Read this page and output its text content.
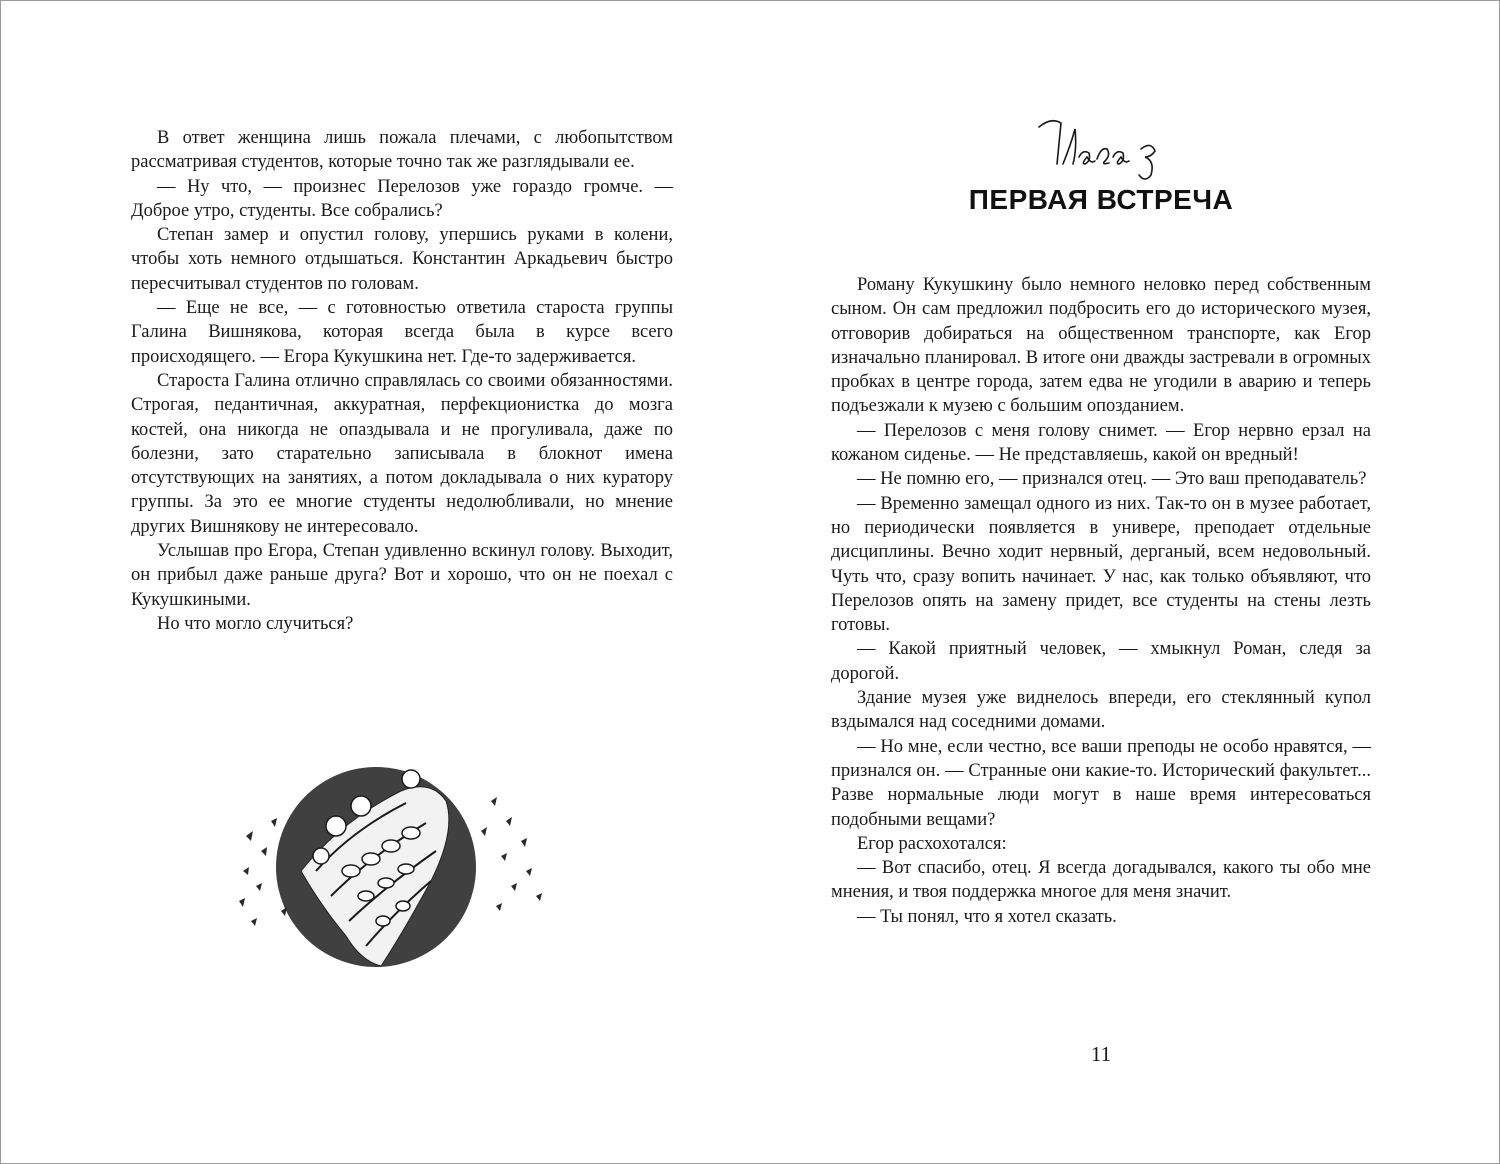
В ответ женщина лишь пожала плечами, с любопытством рассматривая студентов, которые точно так же разглядывали ее.

— Ну что, — произнес Перелозов уже гораздо громче. — Доброе утро, студенты. Все собрались?

Степан замер и опустил голову, упершись руками в колени, чтобы хоть немного отдышаться. Константин Аркадьевич быстро пересчитывал студентов по головам.

— Еще не все, — с готовностью ответила староста группы Галина Вишнякова, которая всегда была в курсе всего происходящего. — Егора Кукушкина нет. Где-то задерживается.

Староста Галина отлично справлялась со своими обязанностями. Строгая, педантичная, аккуратная, перфекционистка до мозга костей, она никогда не опаздывала и не прогуливала, даже по болезни, зато старательно записывала в блокнот имена отсутствующих на занятиях, а потом докладывала о них куратору группы. За это ее многие студенты недолюбливали, но мнение других Вишнякову не интересовало.

Услышав про Егора, Степан удивленно вскинул голову. Выходит, он прибыл даже раньше друга? Вот и хорошо, что он не поехал с Кукушкиными.

Но что могло случиться?

ПЕРВАЯ ВСТРЕЧА

Роману Кукушкину было немного неловко перед собственным сыном. Он сам предложил подбросить его до исторического музея, отговорив добираться на общественном транспорте, как Егор изначально планировал. В итоге они дважды застревали в огромных пробках в центре города, затем едва не угодили в аварию и теперь подъезжали к музею с большим опозданием.

— Перелозов с меня голову снимет. — Егор нервно ерзал на кожаном сиденье. — Не представляешь, какой он вредный!

— Не помню его, — признался отец. — Это ваш преподаватель?

— Временно замещал одного из них. Так-то он в музее работает, но периодически появляется в универе, преподает отдельные дисциплины. Вечно ходит нервный, дерганый, всем недовольный. Чуть что, сразу вопить начинает. У нас, как только объявляют, что Перелозов опять на замену придет, все студенты на стены лезть готовы.

— Какой приятный человек, — хмыкнул Роман, следя за дорогой.

Здание музея уже виднелось впереди, его стеклянный купол вздымался над соседними домами.

— Но мне, если честно, все ваши преподы не особо нравятся, — признался он. — Странные они какие-то. Исторический факультет... Разве нормальные люди могут в наше время интересоваться подобными вещами?

Егор расхохотался:

— Вот спасибо, отец. Я всегда догадывался, какого ты обо мне мнения, и твоя поддержка многое для меня значит.

— Ты понял, что я хотел сказать.

11
